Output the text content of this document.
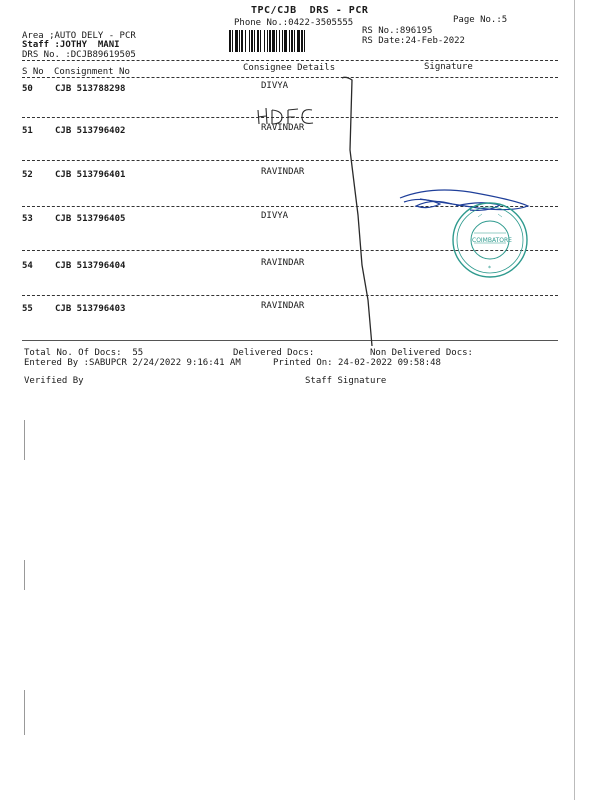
TPC/CJB  DRS - PCR
Phone No.:0422-3505555	Page No.:5
Area ;AUTO DELY - PCR
Staff :JOTHY  MANI
DRS No. :DCJB89619505
RS No.:896195
RS Date:24-Feb-2022
S No Consignment No	Consignee Details	Signature
50 CJB 513788298	DIVYA
51 CJB 513796402	RAVINDAR
52 CJB 513796401	RAVINDAR
53 CJB 513796405	DIVYA
54 CJB 513796404	RAVINDAR
55 CJB 513796403	RAVINDAR
*
COIMBATORE
Total No. Of Docs:  55	Delivered Docs:	Non Delivered Docs:
Entered By :SABUPCR 2/24/2022 9:16:41 AM	Printed On: 24-02-2022 09:58:48
Verified By	Staff Signature
